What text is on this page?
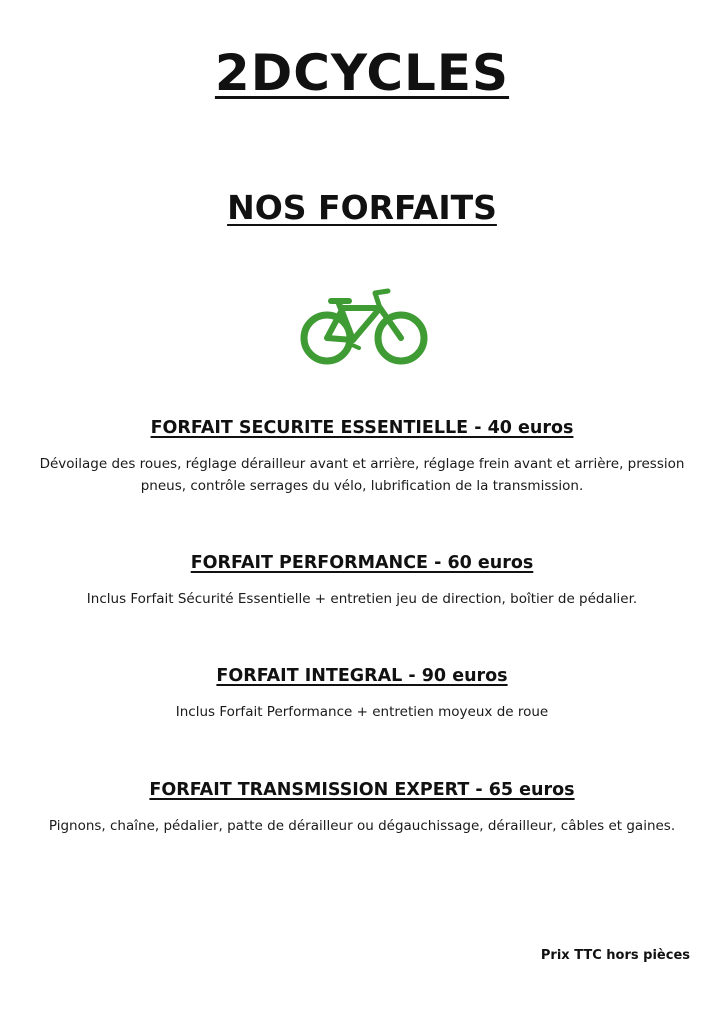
2DCYCLES
NOS FORFAITS
FORFAIT SECURITE ESSENTIELLE - 40 euros

Dévoilage des roues, réglage dérailleur avant et arrière, réglage frein avant et arrière, pression pneus, contrôle serrages du vélo, lubrification de la transmission.

FORFAIT PERFORMANCE - 60 euros

Inclus Forfait Sécurité Essentielle + entretien jeu de direction, boîtier de pédalier.

FORFAIT INTEGRAL - 90 euros

Inclus Forfait Performance + entretien moyeux de roue

FORFAIT TRANSMISSION EXPERT - 65 euros

Pignons, chaîne, pédalier, patte de dérailleur ou dégauchissage, dérailleur, câbles et gaines.

Prix TTC hors pièces
